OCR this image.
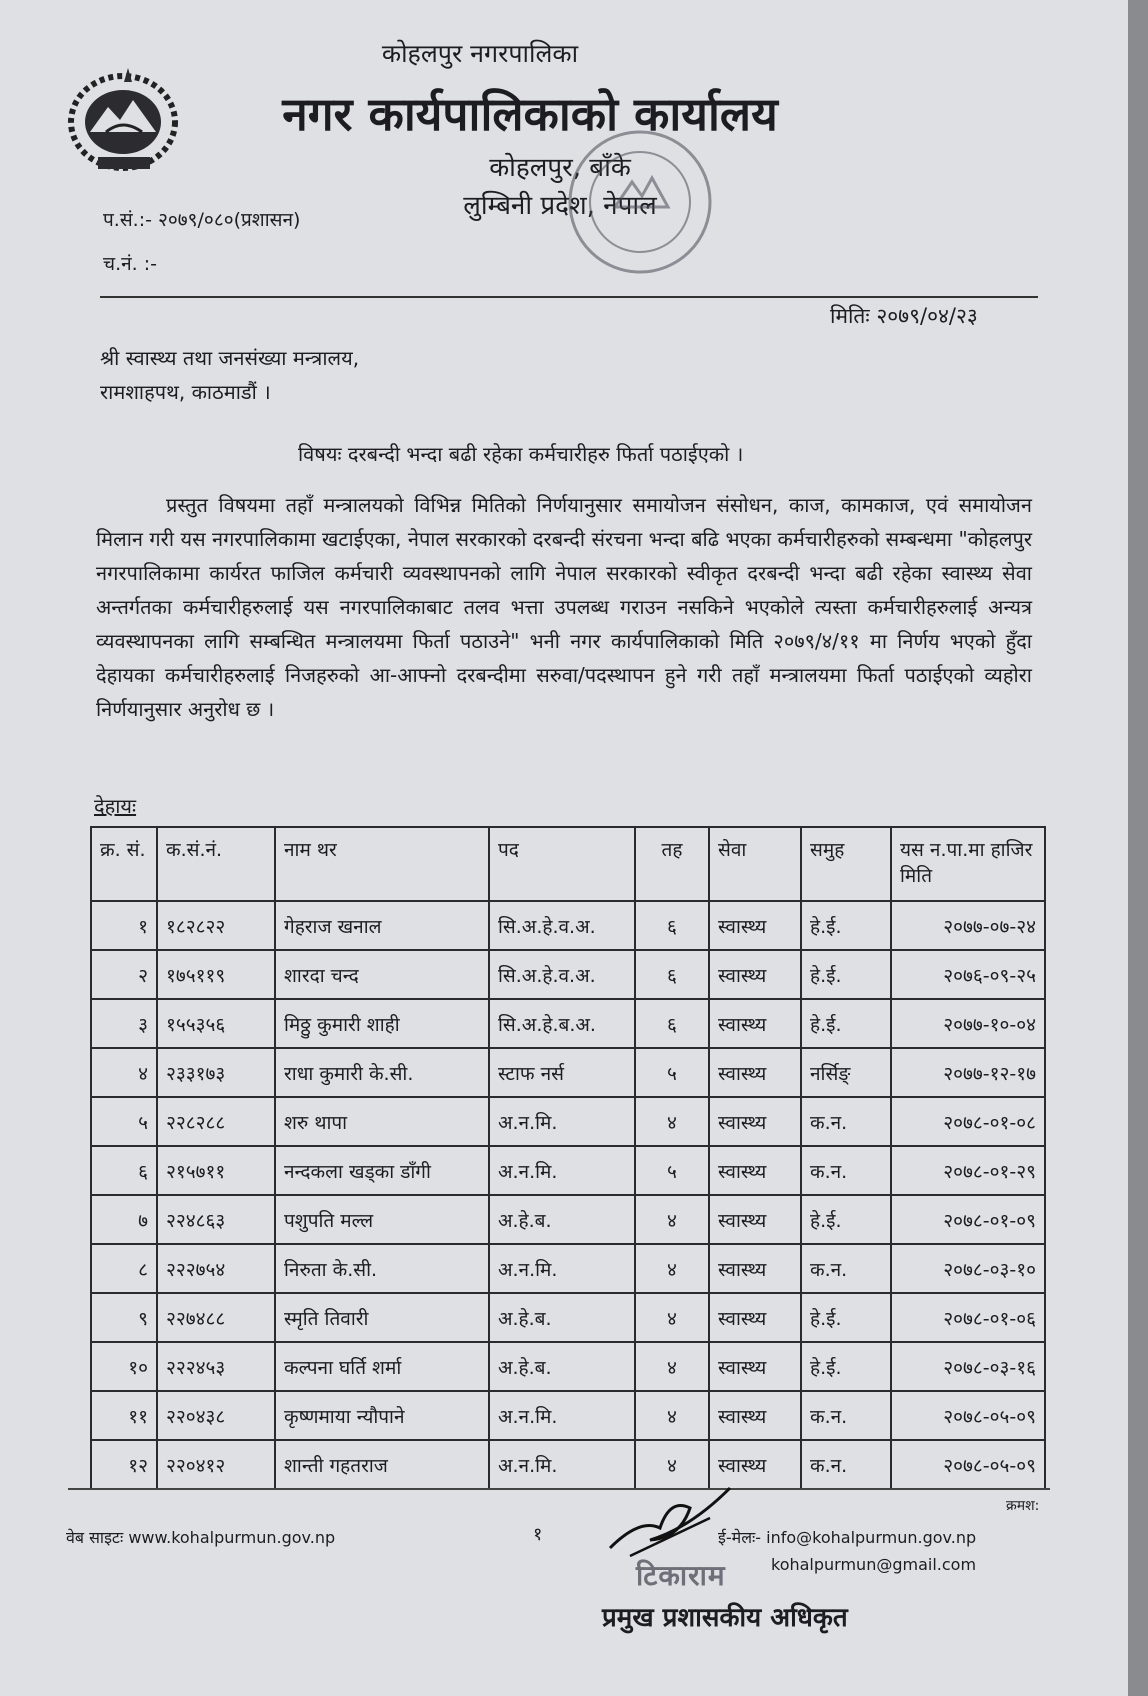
कोहलपुर नगरपालिका
नगर कार्यपालिकाको कार्यालय
कोहलपुर, बाँके
लुम्बिनी प्रदेश, नेपाल
प.सं.:- २०७९/०८०(प्रशासन)
च.नं. :-
मितिः २०७९/०४/२३
श्री स्वास्थ्य तथा जनसंख्या मन्त्रालय,
रामशाहपथ, काठमाडौं ।
विषयः दरबन्दी भन्दा बढी रहेका कर्मचारीहरु फिर्ता पठाईएको ।
प्रस्तुत विषयमा तहाँ मन्त्रालयको विभिन्न मितिको निर्णयानुसार समायोजन संसोधन, काज, कामकाज, एवं समायोजन मिलान गरी यस नगरपालिकामा खटाईएका, नेपाल सरकारको दरबन्दी संरचना भन्दा बढि भएका कर्मचारीहरुको सम्बन्धमा "कोहलपुर नगरपालिकामा कार्यरत फाजिल कर्मचारी व्यवस्थापनको लागि नेपाल सरकारको स्वीकृत दरबन्दी भन्दा बढी रहेका स्वास्थ्य सेवा अन्तर्गतका कर्मचारीहरुलाई यस नगरपालिकाबाट तलव भत्ता उपलब्ध गराउन नसकिने भएकोले त्यस्ता कर्मचारीहरुलाई अन्यत्र व्यवस्थापनका लागि सम्बन्धित मन्त्रालयमा फिर्ता पठाउने" भनी नगर कार्यपालिकाको मिति २०७९/४/११ मा निर्णय भएको हुँदा देहायका कर्मचारीहरुलाई निजहरुको आ-आफ्नो दरबन्दीमा सरुवा/पदस्थापन हुने गरी तहाँ मन्त्रालयमा फिर्ता पठाईएको व्यहोरा निर्णयानुसार अनुरोध छ ।
देहायः
क्र. सं.	क.सं.नं.	नाम थर	पद	तह	सेवा	समुह	यस न.पा.मा हाजिर मिति
१	१८२८२२	गेहराज खनाल	सि.अ.हे.व.अ.	६	स्वास्थ्य	हे.ई.	२०७७-०७-२४
२	१७५११९	शारदा चन्द	सि.अ.हे.व.अ.	६	स्वास्थ्य	हे.ई.	२०७६-०९-२५
३	१५५३५६	मिठ्ठु कुमारी शाही	सि.अ.हे.ब.अ.	६	स्वास्थ्य	हे.ई.	२०७७-१०-०४
४	२३३१७३	राधा कुमारी के.सी.	स्टाफ नर्स	५	स्वास्थ्य	नर्सिङ्	२०७७-१२-१७
५	२२८२८८	शरु थापा	अ.न.मि.	४	स्वास्थ्य	क.न.	२०७८-०१-०८
६	२१५७११	नन्दकला खड्का डाँगी	अ.न.मि.	५	स्वास्थ्य	क.न.	२०७८-०१-२९
७	२२४८६३	पशुपति मल्ल	अ.हे.ब.	४	स्वास्थ्य	हे.ई.	२०७८-०१-०९
८	२२२७५४	निरुता के.सी.	अ.न.मि.	४	स्वास्थ्य	क.न.	२०७८-०३-१०
९	२२७४८८	स्मृति तिवारी	अ.हे.ब.	४	स्वास्थ्य	हे.ई.	२०७८-०१-०६
१०	२२२४५३	कल्पना घर्ति शर्मा	अ.हे.ब.	४	स्वास्थ्य	हे.ई.	२०७८-०३-१६
११	२२०४३८	कृष्णमाया न्यौपाने	अ.न.मि.	४	स्वास्थ्य	क.न.	२०७८-०५-०९
१२	२२०४१२	शान्ती गहतराज	अ.न.मि.	४	स्वास्थ्य	क.न.	२०७८-०५-०९
क्रमश:
वेब साइटः www.kohalpurmun.gov.np	१	ई-मेलः- info@kohalpurmun.gov.np
kohalpurmun@gmail.com
टिकाराम
प्रमुख प्रशासकीय अधिकृत
